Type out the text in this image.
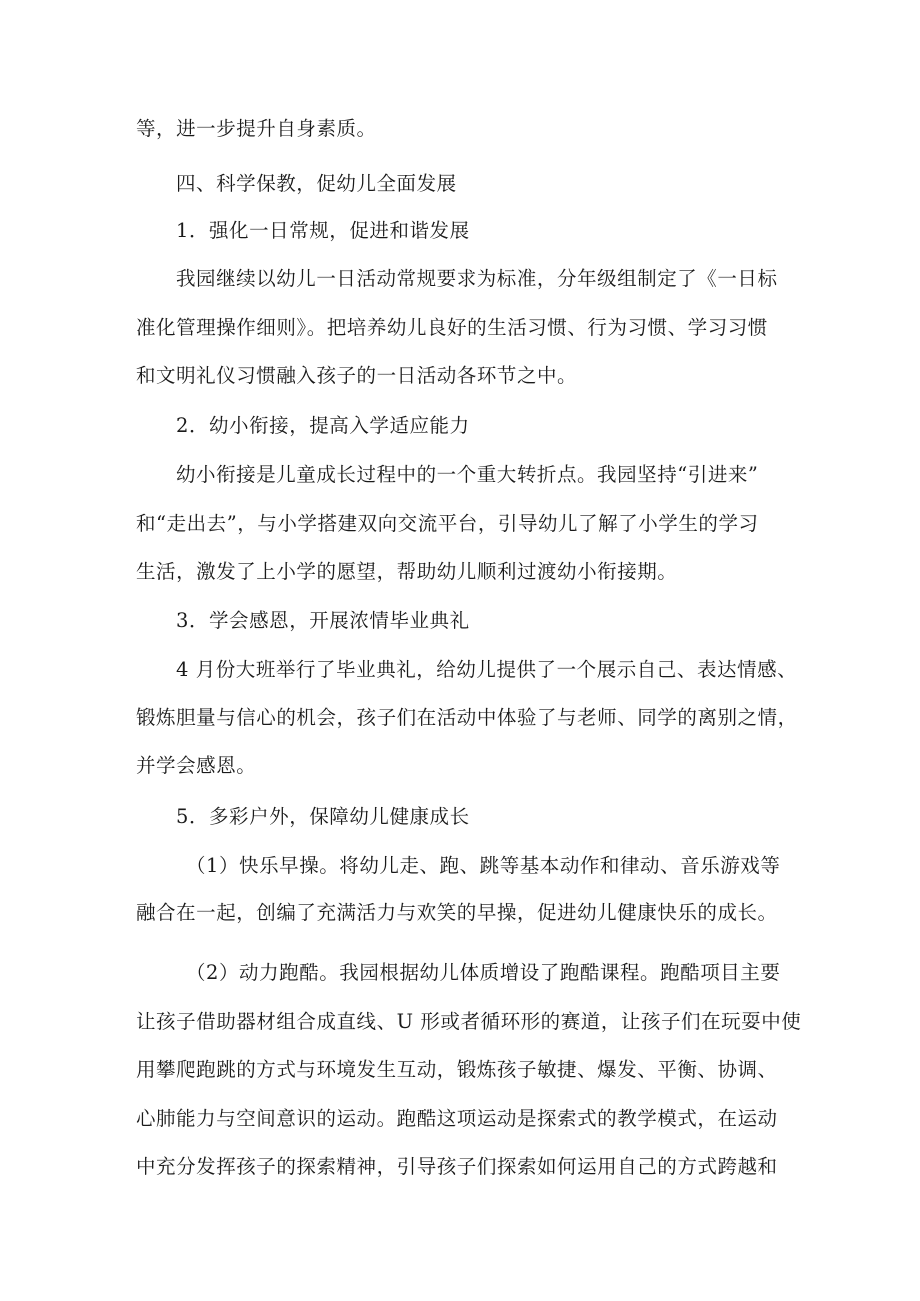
等，进一步提升自身素质。
四、科学保教，促幼儿全面发展
1．强化一日常规，促进和谐发展
我园继续以幼儿一日活动常规要求为标准，分年级组制定了《一日标
准化管理操作细则》。把培养幼儿良好的生活习惯、行为习惯、学习习惯
和文明礼仪习惯融入孩子的一日活动各环节之中。
2．幼小衔接，提高入学适应能力
幼小衔接是儿童成长过程中的一个重大转折点。我园坚持“引进来”
和“走出去”，与小学搭建双向交流平台，引导幼儿了解了小学生的学习
生活，激发了上小学的愿望，帮助幼儿顺利过渡幼小衔接期。
3．学会感恩，开展浓情毕业典礼
4 月份大班举行了毕业典礼，给幼儿提供了一个展示自己、表达情感、
锻炼胆量与信心的机会，孩子们在活动中体验了与老师、同学的离别之情，
并学会感恩。
5．多彩户外，保障幼儿健康成长
（1）快乐早操。将幼儿走、跑、跳等基本动作和律动、音乐游戏等
融合在一起，创编了充满活力与欢笑的早操，促进幼儿健康快乐的成长。
（2）动力跑酷。我园根据幼儿体质增设了跑酷课程。跑酷项目主要
让孩子借助器材组合成直线、U 形或者循环形的赛道，让孩子们在玩耍中使
用攀爬跑跳的方式与环境发生互动，锻炼孩子敏捷、爆发、平衡、协调、
心肺能力与空间意识的运动。跑酷这项运动是探索式的教学模式，在运动
中充分发挥孩子的探索精神，引导孩子们探索如何运用自己的方式跨越和
